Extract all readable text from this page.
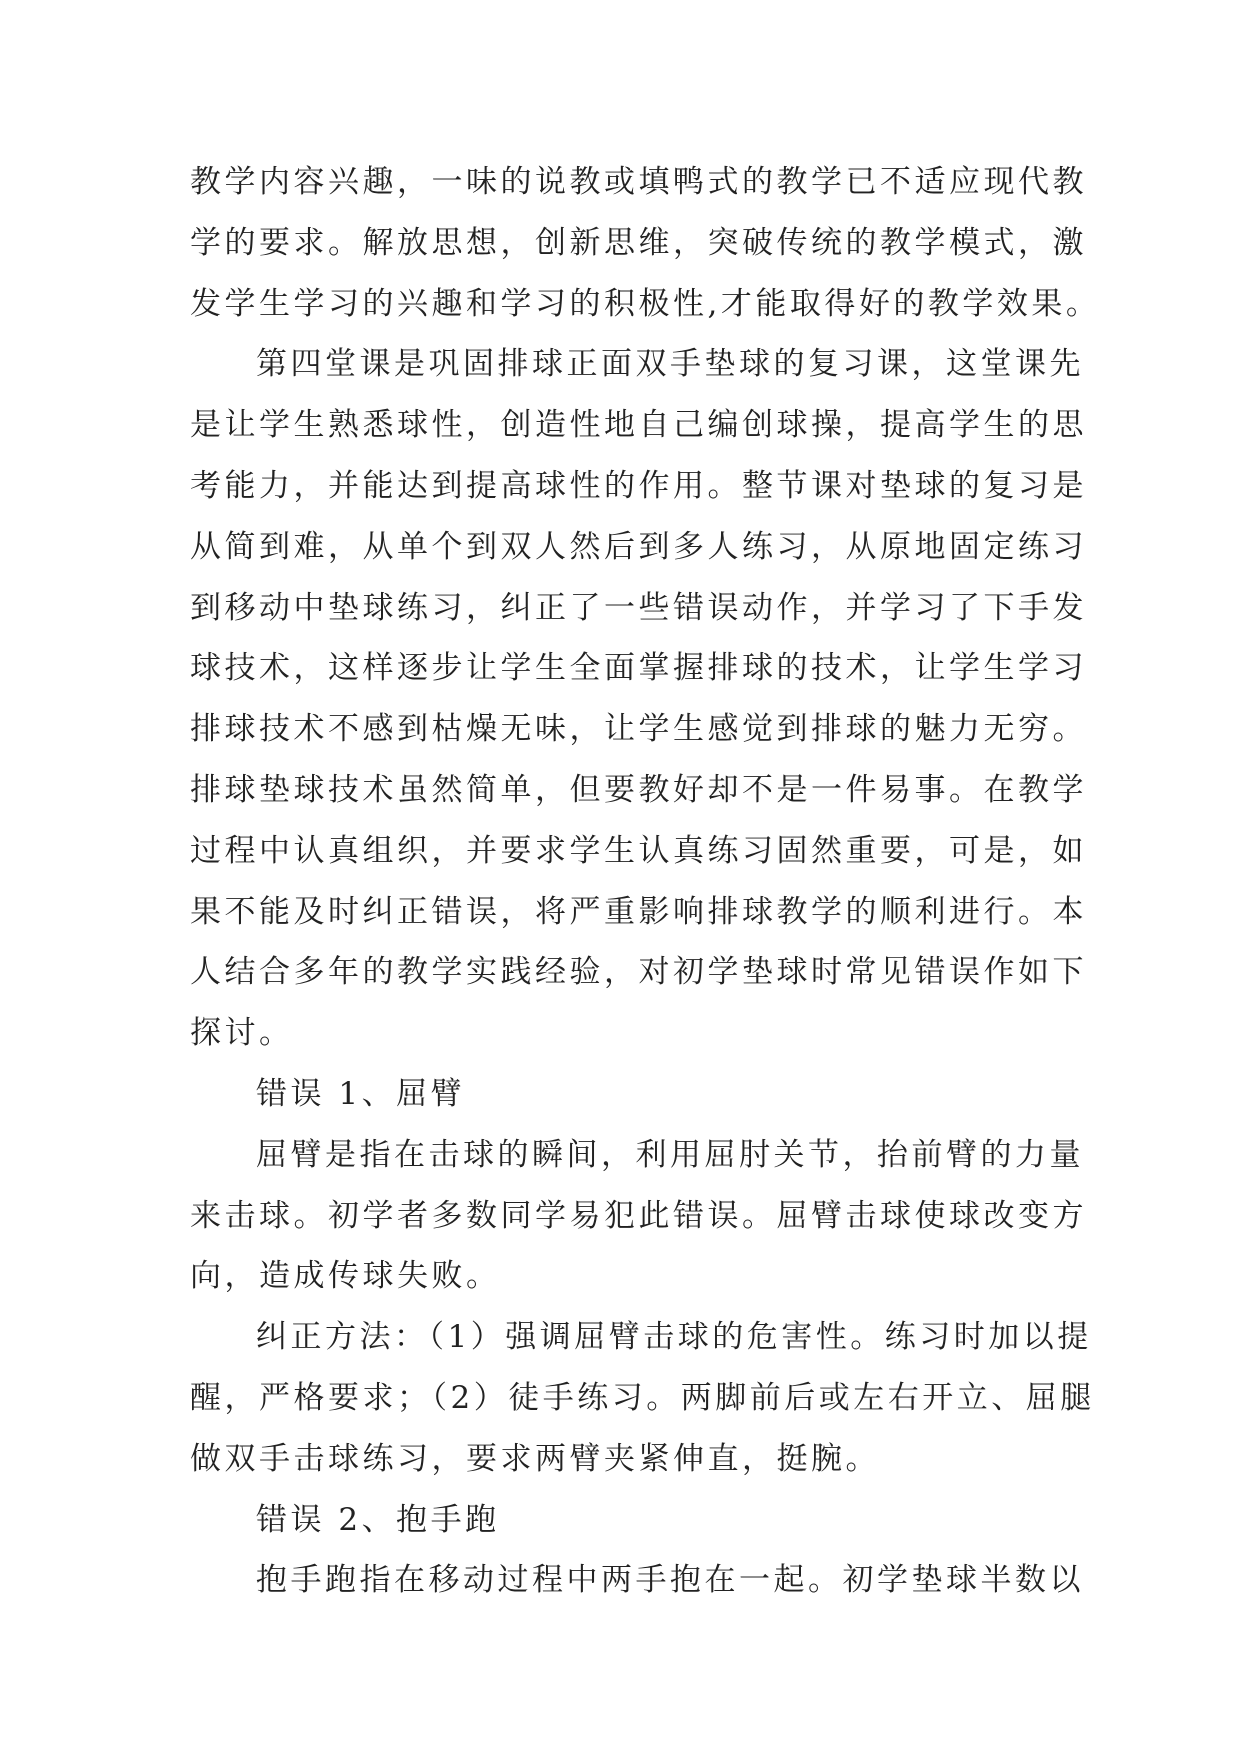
教学内容兴趣，一味的说教或填鸭式的教学已不适应现代教
学的要求。解放思想，创新思维，突破传统的教学模式，激
发学生学习的兴趣和学习的积极性,才能取得好的教学效果。
第四堂课是巩固排球正面双手垫球的复习课，这堂课先
是让学生熟悉球性，创造性地自己编创球操，提高学生的思
考能力，并能达到提高球性的作用。整节课对垫球的复习是
从简到难，从单个到双人然后到多人练习，从原地固定练习
到移动中垫球练习，纠正了一些错误动作，并学习了下手发
球技术，这样逐步让学生全面掌握排球的技术，让学生学习
排球技术不感到枯燥无味，让学生感觉到排球的魅力无穷。
排球垫球技术虽然简单，但要教好却不是一件易事。在教学
过程中认真组织，并要求学生认真练习固然重要，可是，如
果不能及时纠正错误，将严重影响排球教学的顺利进行。本
人结合多年的教学实践经验，对初学垫球时常见错误作如下
探讨。
错误 1、屈臂
屈臂是指在击球的瞬间，利用屈肘关节，抬前臂的力量
来击球。初学者多数同学易犯此错误。屈臂击球使球改变方
向，造成传球失败。
纠正方法：（1）强调屈臂击球的危害性。练习时加以提
醒，严格要求；（2）徒手练习。两脚前后或左右开立、屈腿
做双手击球练习，要求两臂夹紧伸直，挺腕。
错误 2、抱手跑
抱手跑指在移动过程中两手抱在一起。初学垫球半数以
